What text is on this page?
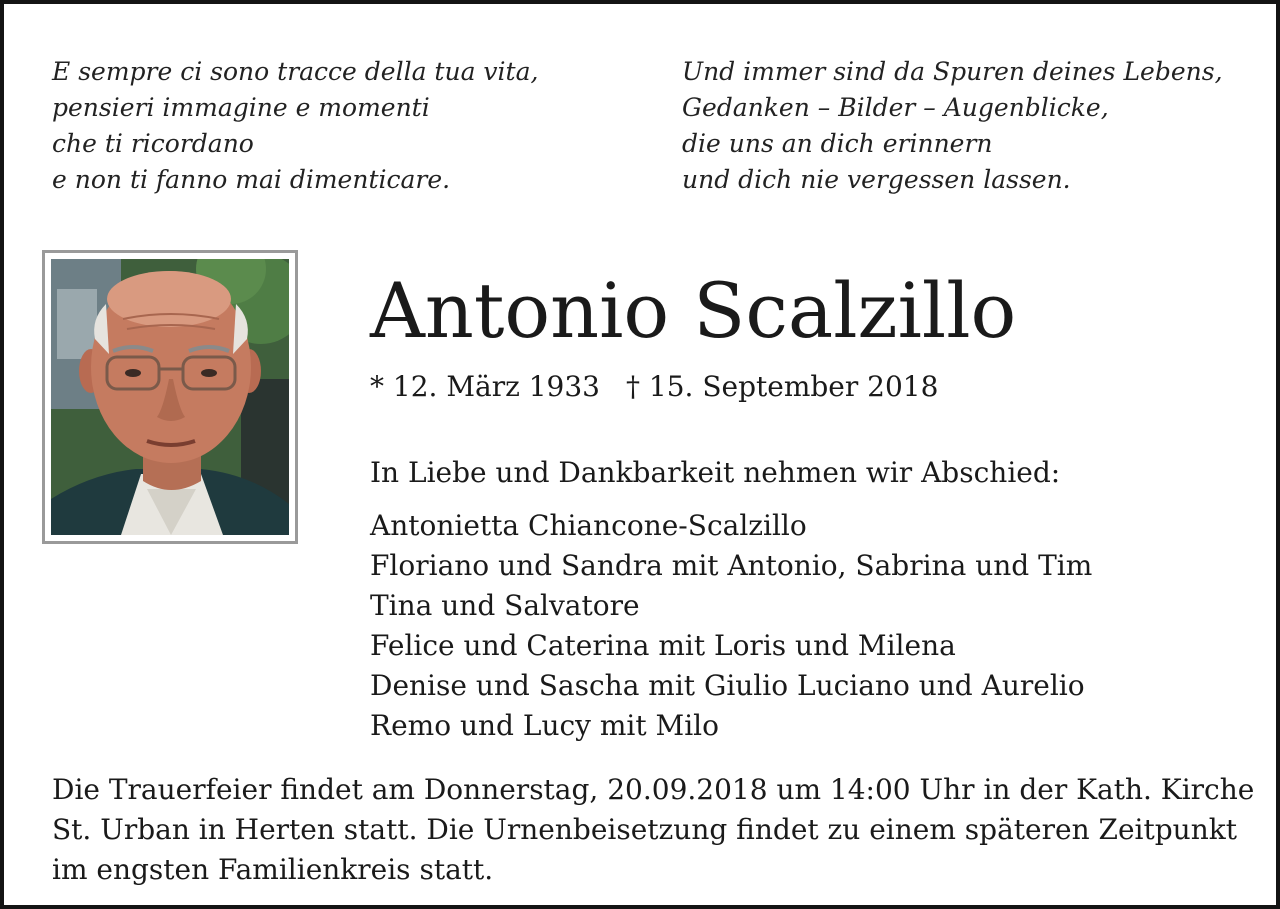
E sempre ci sono tracce della tua vita,
pensieri immagine e momenti
che ti ricordano
e non ti fanno mai dimenticare.
Und immer sind da Spuren deines Lebens,
Gedanken – Bilder – Augenblicke,
die uns an dich erinnern
und dich nie vergessen lassen.
Antonio Scalzillo
* 12. März 1933 † 15. September 2018
In Liebe und Dankbarkeit nehmen wir Abschied:
Antonietta Chiancone-Scalzillo
Floriano und Sandra mit Antonio, Sabrina und Tim
Tina und Salvatore
Felice und Caterina mit Loris und Milena
Denise und Sascha mit Giulio Luciano und Aurelio
Remo und Lucy mit Milo
Die Trauerfeier findet am Donnerstag, 20.09.2018 um 14:00 Uhr in der Kath. Kirche
St. Urban in Herten statt. Die Urnenbeisetzung findet zu einem späteren Zeitpunkt
im engsten Familienkreis statt.
